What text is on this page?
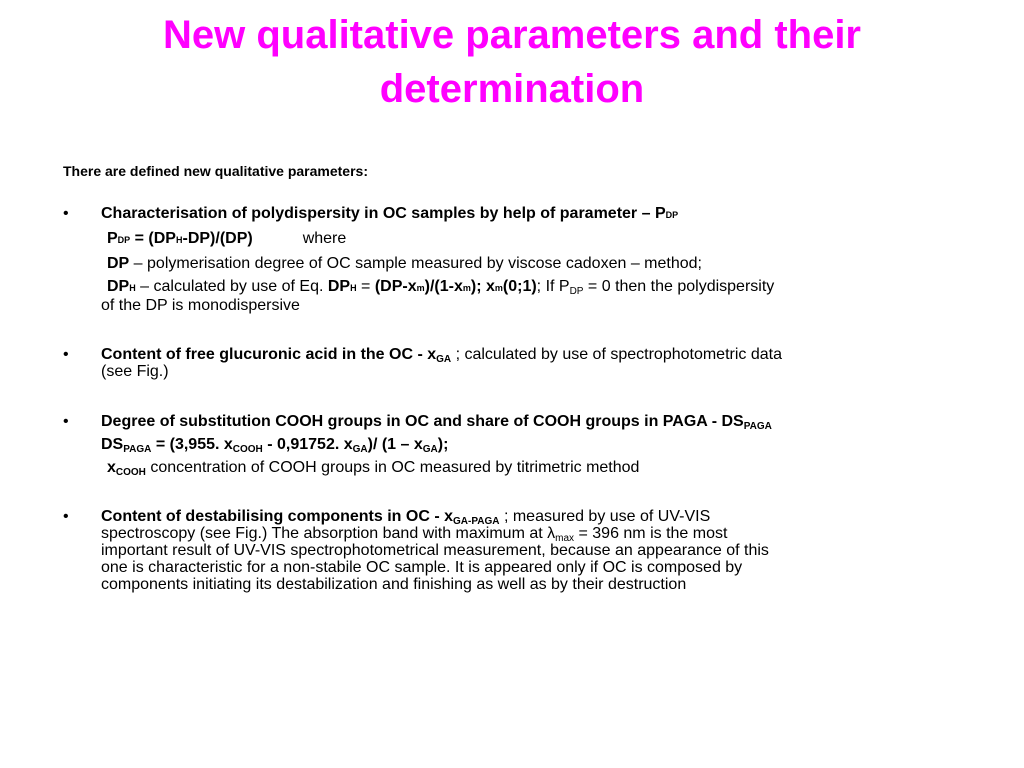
New qualitative parameters and their
determination
There are defined new qualitative parameters:
• Characterisation of polydispersity in OC samples by help of parameter – PDP
PDP = (DPH-DP)/(DP)	where
DP – polymerisation degree of OC sample measured by viscose cadoxen – method;
DPH – calculated by use of Eq. DPH = (DP-xm)/(1-xm); xm(0;1); If $P_{DP} = 0$ then the polydispersity
of the DP is monodispersive
• Content of free glucuronic acid in the OC - $x_{GA}$ ; calculated by use of spectrophotometric data
(see Fig.)
• Degree of substitution COOH groups in OC and share of COOH groups in PAGA - $DS_{PAGA}$
$DS_{PAGA} = (3,955$. $x_{COOH} - 0,91752$. $x_{GA})/$ $(1 - x_{GA})$;
$x_{COOH}$ concentration of COOH groups in OC measured by titrimetric method
• Content of destabilising components in OC - $x_{GA-PAGA}$ ; measured by use of UV-VIS
spectroscopy (see Fig.) The absorption band with maximum at $\lambda_{max} = 396$ nm is the most
important result of UV-VIS spectrophotometrical measurement, because an appearance of this
one is characteristic for a non-stabile OC sample. It is appeared only if OC is composed by
components initiating its destabilization and finishing as well as by their destruction
